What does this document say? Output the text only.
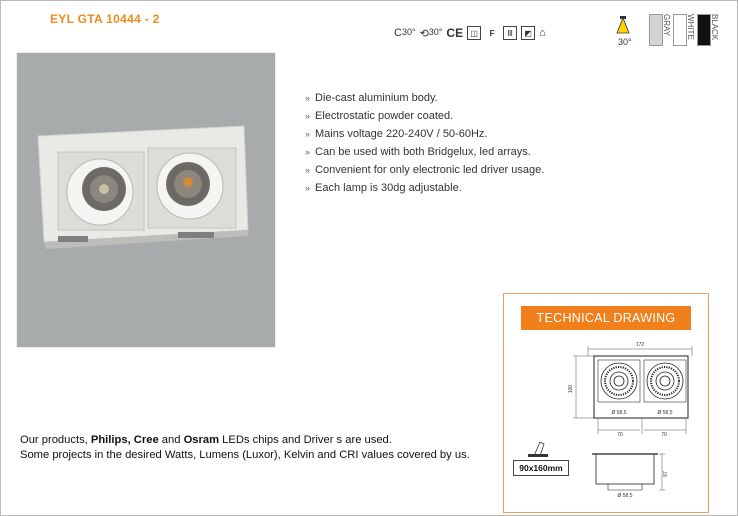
EYL GTA 10444 - 2
$C^{30^\circ}$ ⟲$^{30^\circ}$ CE ◫	F	Ⅲ	◩ ⌂
30°
GRAY WHITE BLACK
» Die-cast aluminium body.
» Electrostatic powder coated.
» Mains voltage 220-240V / 50-60Hz.
» Can be used with both Bridgelux, led arrays.
» Convenient for only electronic led driver usage.
» Each lamp is 30dg adjustable.
Our products, Philips, Cree and Osram LEDs chips and Driver s are used.
Some projects in the desired Watts, Lumens (Luxor), Kelvin and CRI values covered by us.
172
100
Ø 58,5	Ø 58,5
70	70
87
Ø 58,5
TECHNICAL DRAWING
90x160mm
